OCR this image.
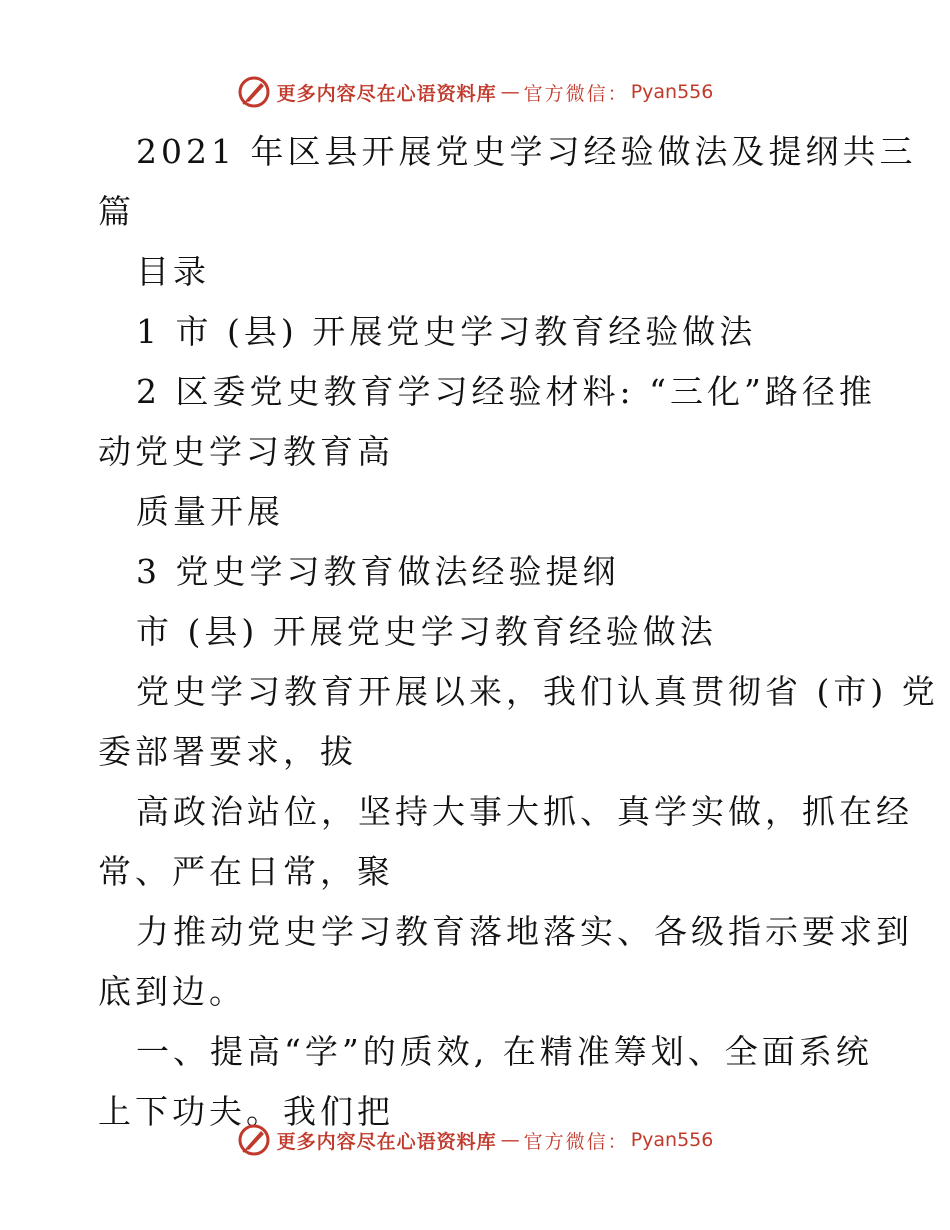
更多内容尽在心语资料库 — 官方微信： Pyan556
2021 年区县开展党史学习经验做法及提纲共三
篇
目录
1 市 (县) 开展党史学习教育经验做法
2 区委党史教育学习经验材料: “三化”路径推
动党史学习教育高
质量开展
3 党史学习教育做法经验提纲
市 (县) 开展党史学习教育经验做法
党史学习教育开展以来，我们认真贯彻省 (市) 党
委部署要求，拔
高政治站位，坚持大事大抓、真学实做，抓在经
常、严在日常，聚
力推动党史学习教育落地落实、各级指示要求到
底到边。
一、提高“学”的质效, 在精准筹划、全面系统
上下功夫。我们把
更多内容尽在心语资料库 — 官方微信： Pyan556
